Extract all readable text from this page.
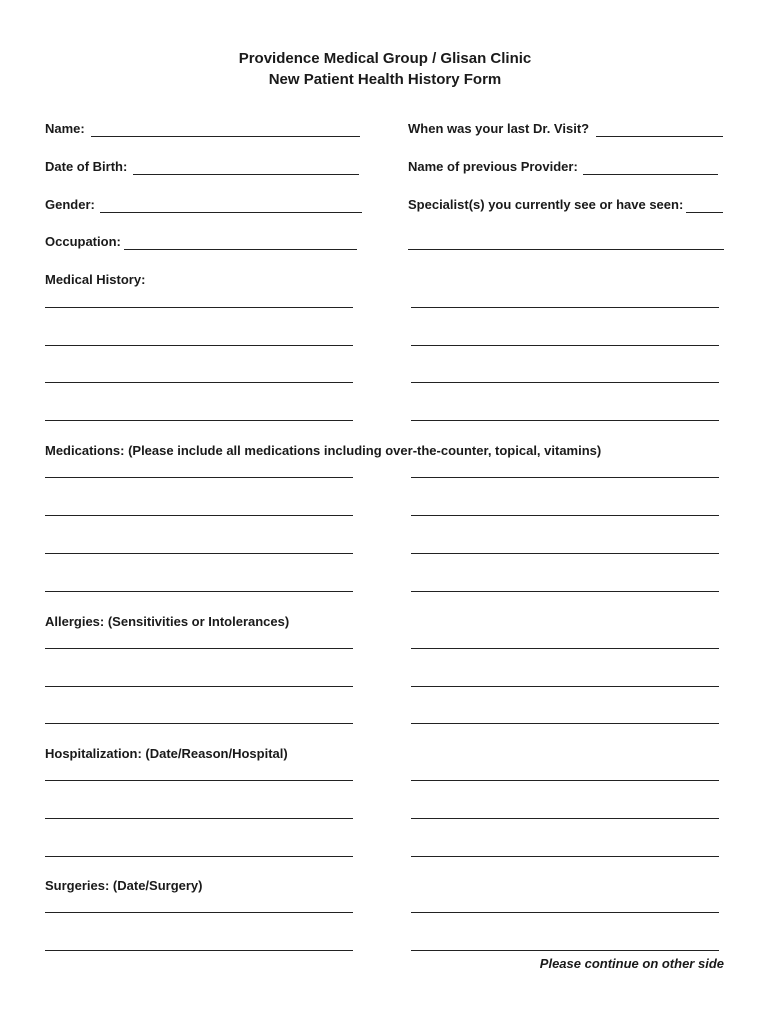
Providence Medical Group / Glisan Clinic
New Patient Health History Form
Name:	When was your last Dr. Visit?
Date of Birth:	Name of previous Provider:
Gender:	Specialist(s) you currently see or have seen:
Occupation:
Medical History:
Medications: (Please include all medications including over-the-counter, topical, vitamins)
Allergies: (Sensitivities or Intolerances)
Hospitalization: (Date/Reason/Hospital)
Surgeries: (Date/Surgery)
Please continue on other side
